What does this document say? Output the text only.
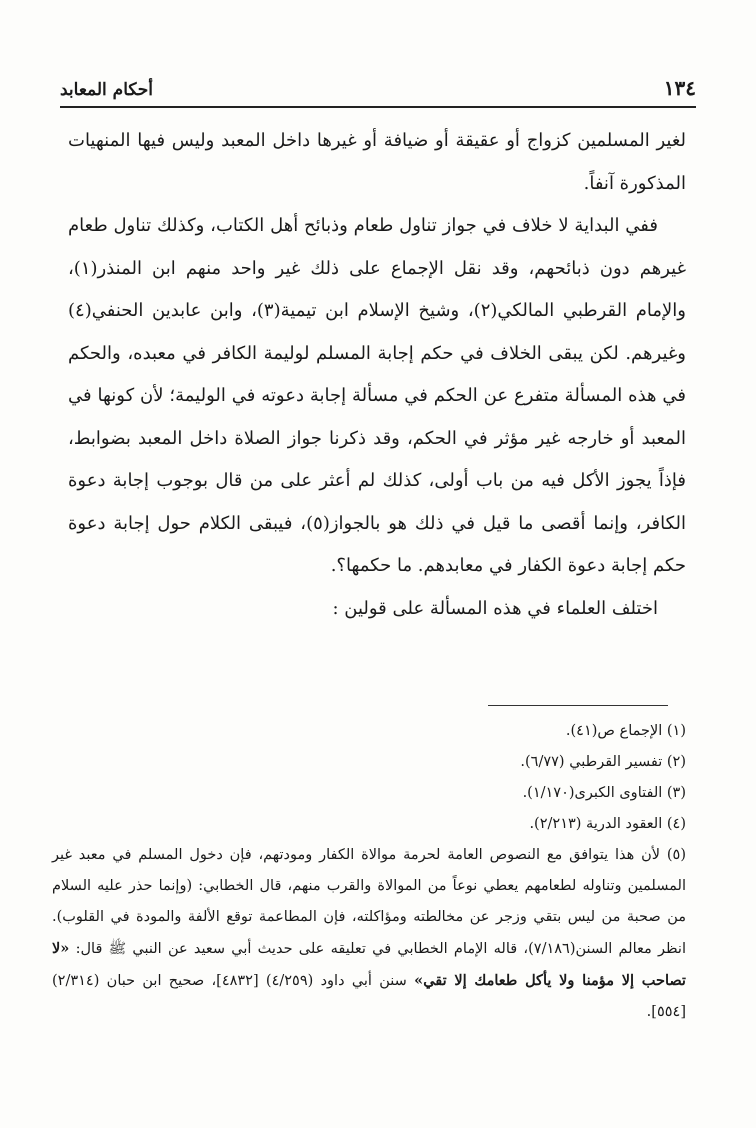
١٣٤
أحكام المعابد

لغير المسلمين كزواج أو عقيقة أو ضيافة أو غيرها داخل المعبد وليس فيها المنهيات المذكورة آنفاً.

ففي البداية لا خلاف في جواز تناول طعام وذبائح أهل الكتاب، وكذلك تناول طعام غيرهم دون ذبائحهم، وقد نقل الإجماع على ذلك غير واحد منهم ابن المنذر(١)، والإمام القرطبي المالكي(٢)، وشيخ الإسلام ابن تيمية(٣)، وابن عابدين الحنفي(٤) وغيرهم. لكن يبقى الخلاف في حكم إجابة المسلم لوليمة الكافر في معبده، والحكم في هذه المسألة متفرع عن الحكم في مسألة إجابة دعوته في الوليمة؛ لأن كونها في المعبد أو خارجه غير مؤثر في الحكم، وقد ذكرنا جواز الصلاة داخل المعبد بضوابط، فإذاً يجوز الأكل فيه من باب أولى، كذلك لم أعثر على من قال بوجوب إجابة دعوة الكافر، وإنما أقصى ما قيل في ذلك هو بالجواز(٥)، فيبقى الكلام حول إجابة دعوة حكم إجابة دعوة الكفار في معابدهم. ما حكمها؟.

اختلف العلماء في هذه المسألة على قولين :

(١) الإجماع ص(٤١).

(٢) تفسير القرطبي (٦/٧٧).

(٣) الفتاوى الكبرى(١/١٧٠).

(٤) العقود الدرية (٢/٢١٣).

(٥) لأن هذا يتوافق مع النصوص العامة لحرمة موالاة الكفار ومودتهم، فإن دخول المسلم في معبد غير المسلمين وتناوله لطعامهم يعطي نوعاً من الموالاة والقرب منهم، قال الخطابي: (وإنما حذر عليه السلام من صحبة من ليس بتقي وزجر عن مخالطته ومؤاكلته، فإن المطاعمة توقع الألفة والمودة في القلوب). انظر معالم السنن(٧/١٨٦)، قاله الإمام الخطابي في تعليقه على حديث أبي سعيد عن النبي ﷺ قال: «لا تصاحب إلا مؤمنا ولا يأكل طعامك إلا تقي» سنن أبي داود (٤/٢٥٩) [٤٨٣٢]، صحيح ابن حبان (٢/٣١٤) [٥٥٤].
